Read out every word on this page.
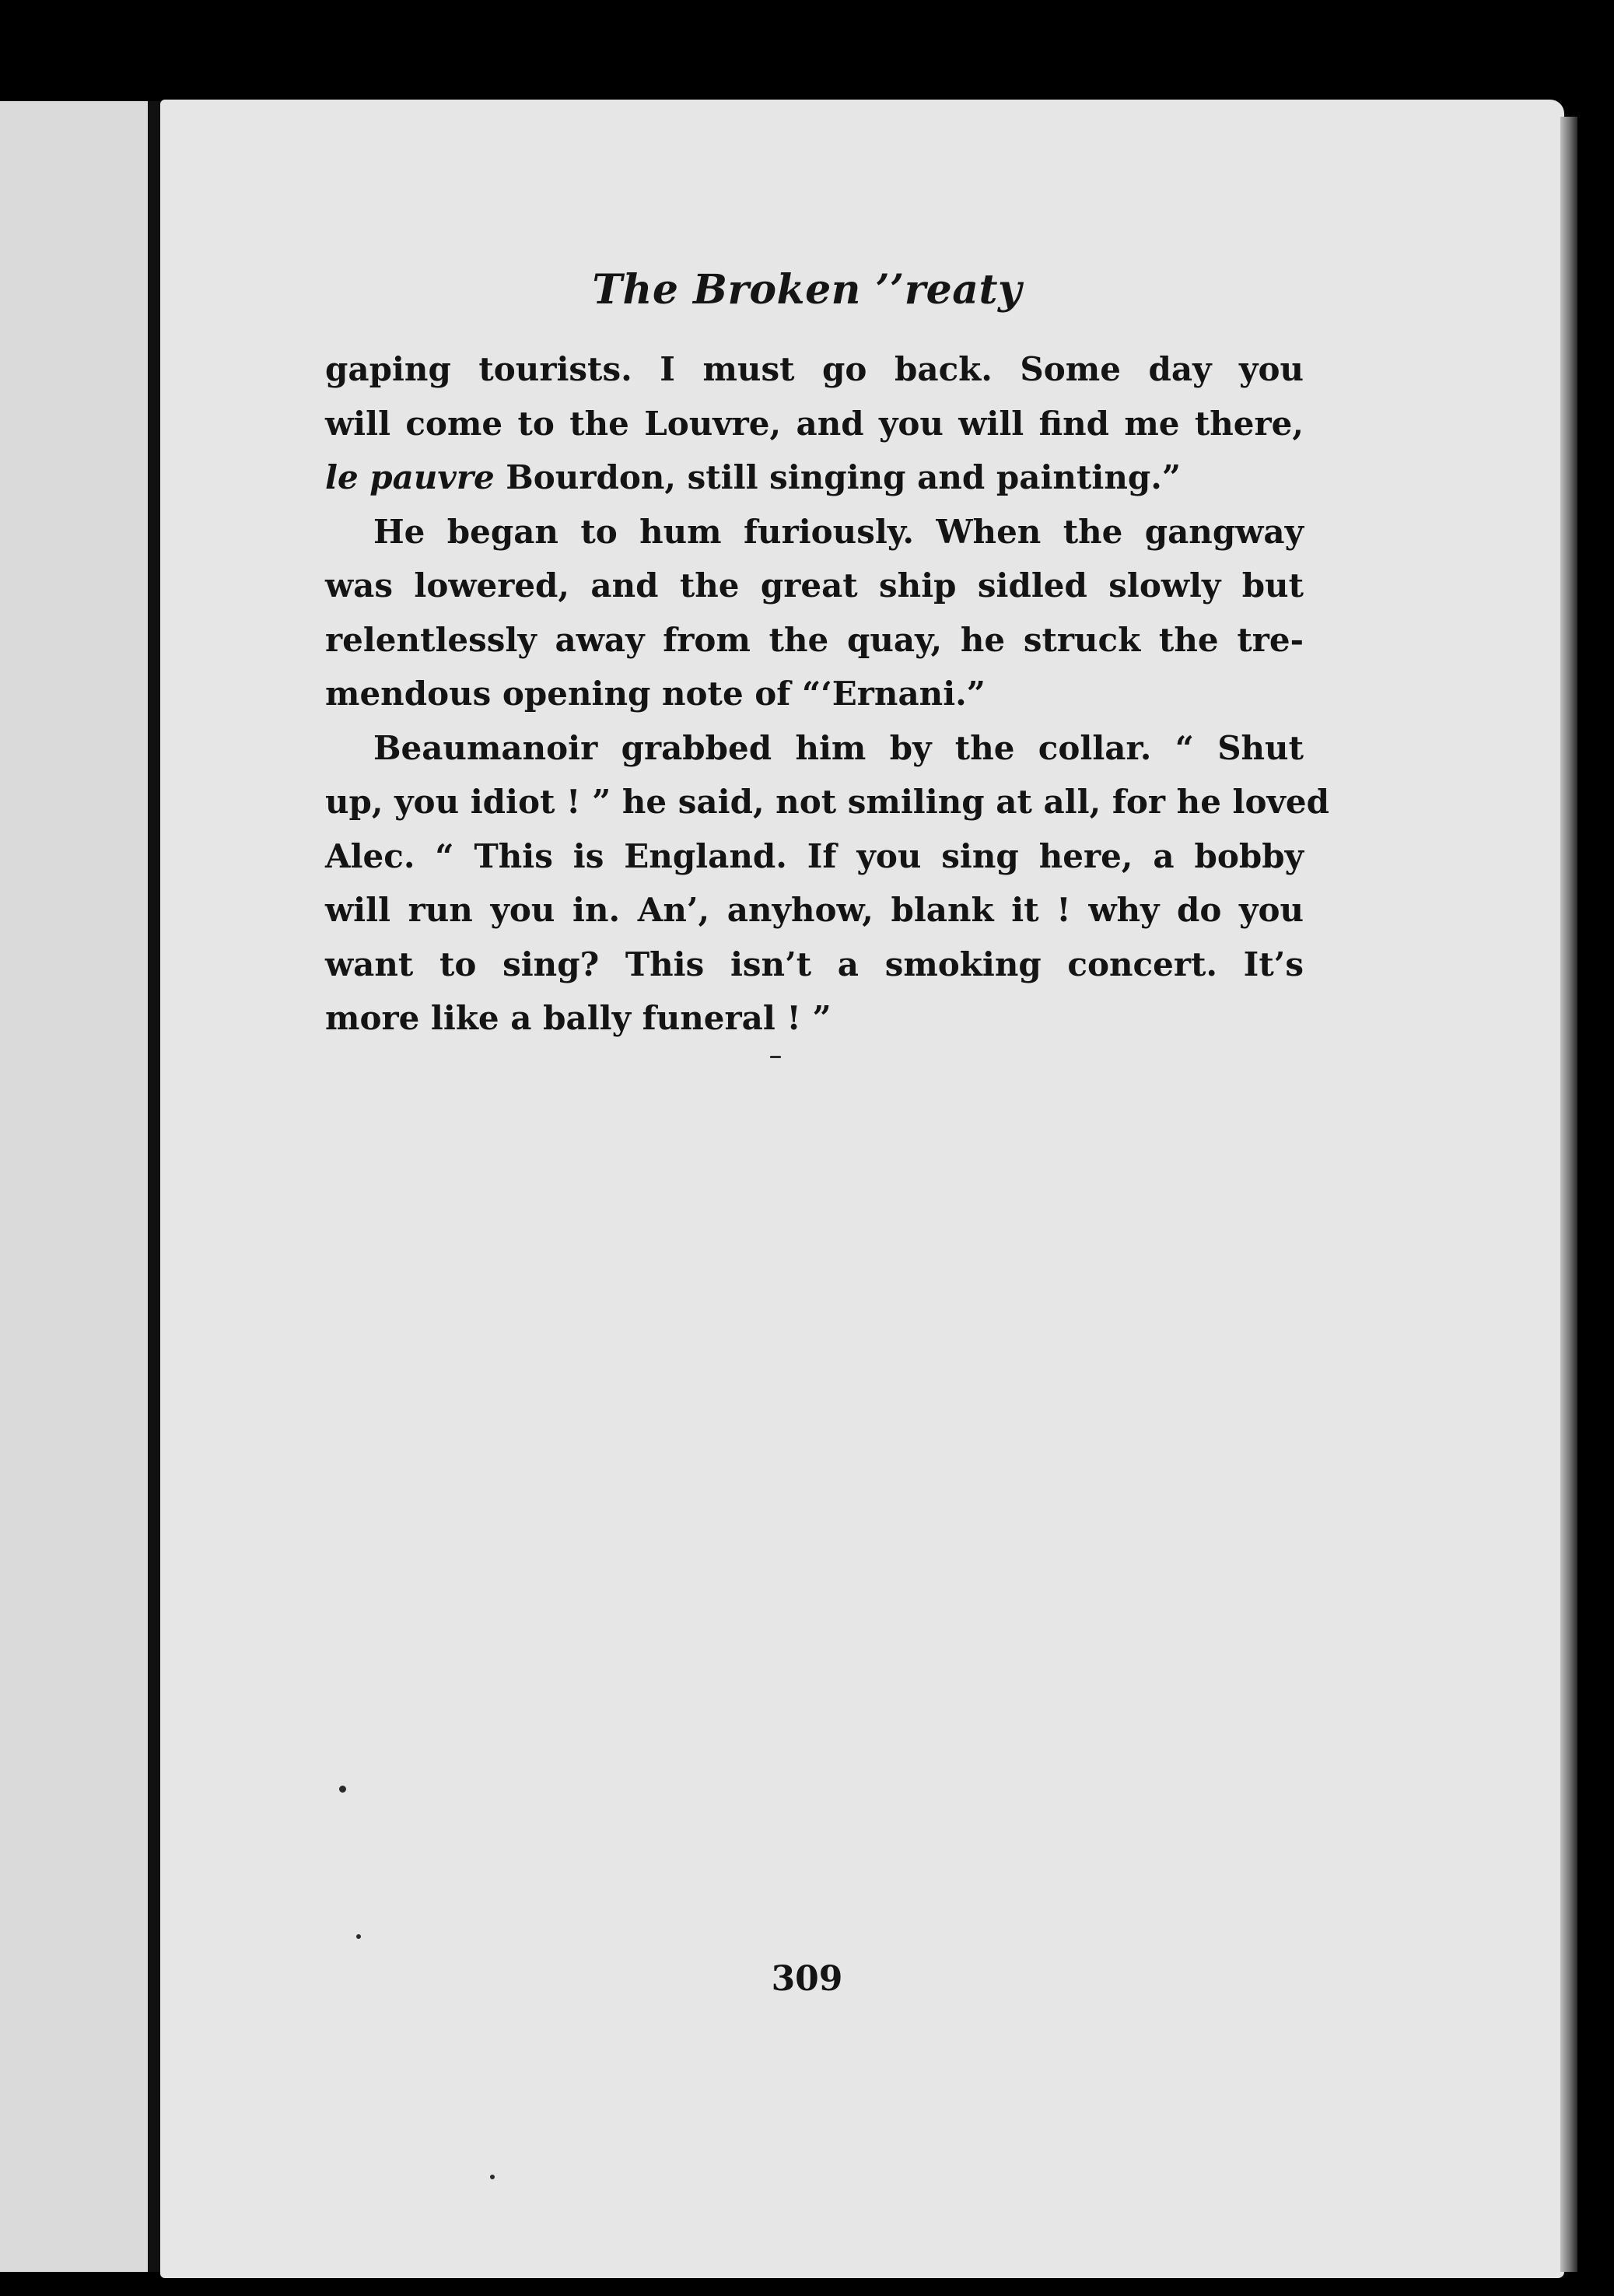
The Broken ’’reaty
gaping tourists. I must go back. Some day you
will come to the Louvre, and you will find me there,
le pauvre Bourdon, still singing and painting.”
He began to hum furiously. When the gangway
was lowered, and the great ship sidled slowly but
relentlessly away from the quay, he struck the tre-
mendous opening note of “‘Ernani.”
Beaumanoir grabbed him by the collar. “ Shut
up, you idiot ! ” he said, not smiling at all, for he loved
Alec. “ This is England. If you sing here, a bobby
will run you in. An’, anyhow, blank it ! why do you
want to sing? This isn’t a smoking concert. It’s
more like a bally funeral ! ”
309
